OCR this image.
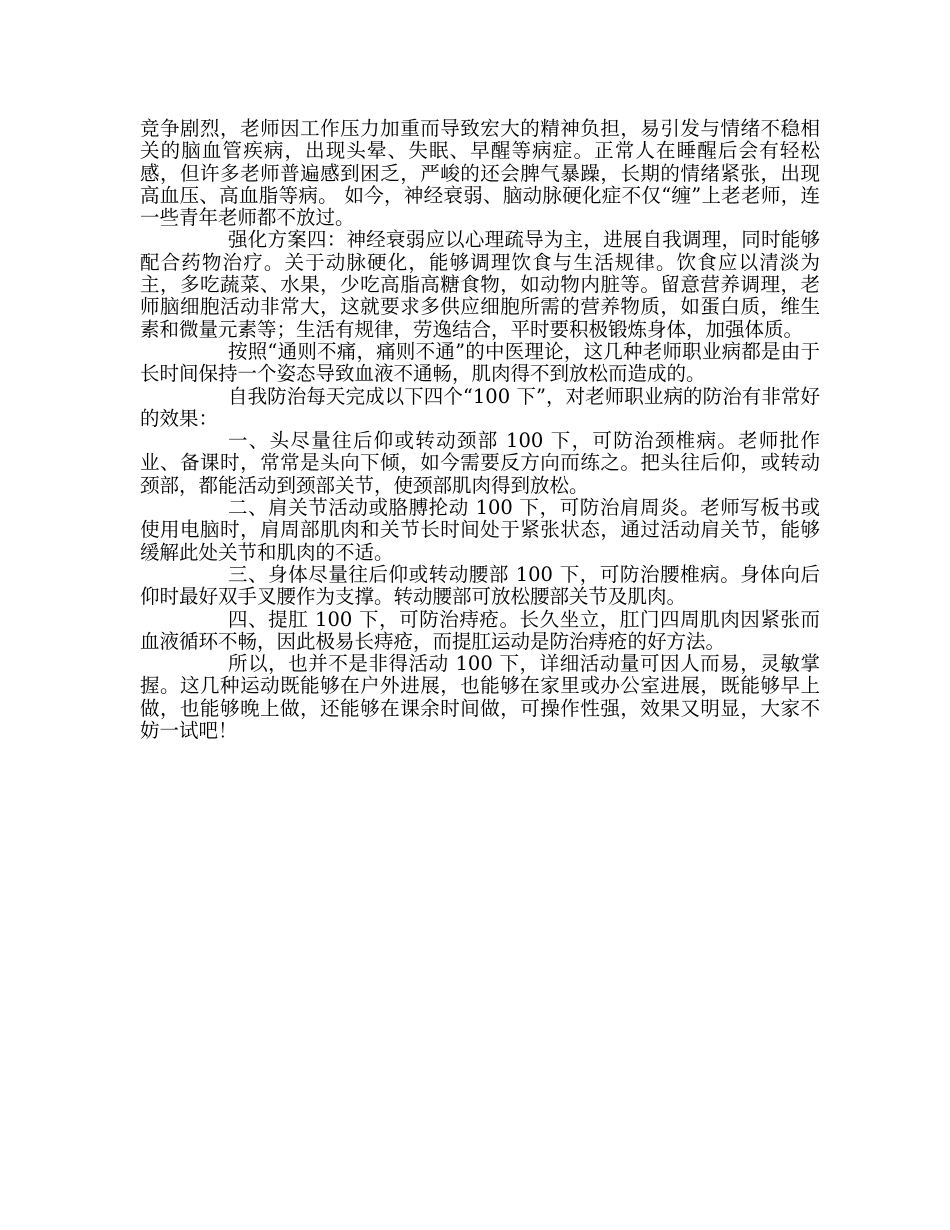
竞争剧烈，老师因工作压力加重而导致宏大的精神负担，易引发与情绪不稳相关的脑血管疾病，出现头晕、失眠、早醒等病症。正常人在睡醒后会有轻松感，但许多老师普遍感到困乏，严峻的还会脾气暴躁，长期的情绪紧张，出现高血压、高血脂等病。 如今，神经衰弱、脑动脉硬化症不仅“缠”上老老师，连一些青年老师都不放过。

强化方案四：神经衰弱应以心理疏导为主，进展自我调理，同时能够配合药物治疗。关于动脉硬化，能够调理饮食与生活规律。饮食应以清淡为主，多吃蔬菜、水果，少吃高脂高糖食物，如动物内脏等。留意营养调理，老师脑细胞活动非常大，这就要求多供应细胞所需的营养物质，如蛋白质，维生素和微量元素等；生活有规律，劳逸结合，平时要积极锻炼身体，加强体质。

按照“通则不痛，痛则不通”的中医理论，这几种老师职业病都是由于长时间保持一个姿态导致血液不通畅，肌肉得不到放松而造成的。

自我防治每天完成以下四个“100 下”，对老师职业病的防治有非常好的效果：

一、头尽量往后仰或转动颈部 100 下，可防治颈椎病。老师批作业、备课时，常常是头向下倾，如今需要反方向而练之。把头往后仰，或转动颈部，都能活动到颈部关节，使颈部肌肉得到放松。

二、肩关节活动或胳膊抡动 100 下，可防治肩周炎。老师写板书或使用电脑时，肩周部肌肉和关节长时间处于紧张状态，通过活动肩关节，能够缓解此处关节和肌肉的不适。

三、身体尽量往后仰或转动腰部 100 下，可防治腰椎病。身体向后仰时最好双手叉腰作为支撑。转动腰部可放松腰部关节及肌肉。

四、提肛 100 下，可防治痔疮。长久坐立，肛门四周肌肉因紧张而血液循环不畅，因此极易长痔疮，而提肛运动是防治痔疮的好方法。

所以，也并不是非得活动 100 下，详细活动量可因人而易，灵敏掌握。这几种运动既能够在户外进展，也能够在家里或办公室进展，既能够早上做，也能够晚上做，还能够在课余时间做，可操作性强，效果又明显，大家不妨一试吧！
